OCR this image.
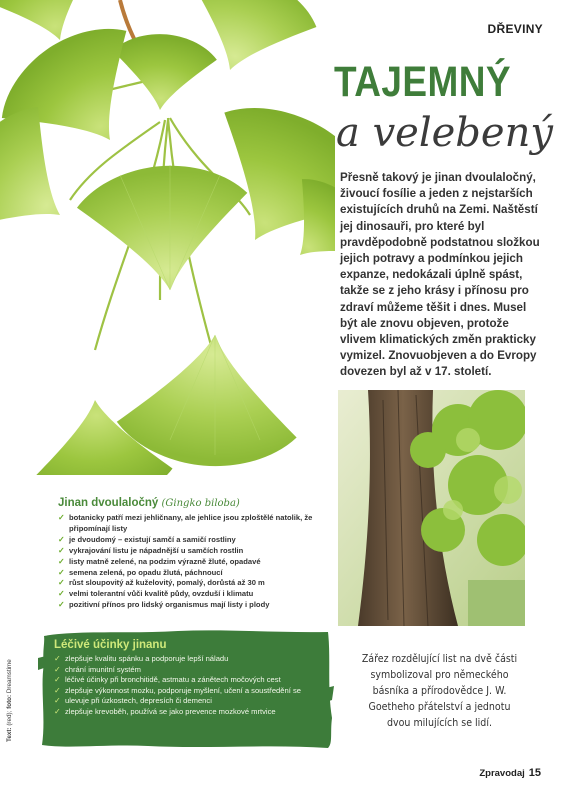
DŘEVINY
TAJEMNÝ
a velebený
Přesně takový je jinan dvoulaločný, živoucí fosílie a jeden z nejstarších existujících druhů na Zemi. Naštěstí jej dinosauři, pro které byl pravděpodobně podstatnou složkou jejich potravy a podmínkou jejich expanze, nedokázali úplně spást, takže se z jeho krásy i přínosu pro zdraví můžeme těšit i dnes. Musel být ale znovu objeven, protože vlivem klimatických změn prakticky vymizel. Znovuobjeven a do Evropy dovezen byl až v 17. století.
Jinan dvoulaločný (Gingko biloba)
✓ botanicky patří mezi jehličnany, ale jehlice jsou zploštělé natolik, že připomínají listy
✓ je dvoudomý – existují samčí a samičí rostliny
✓ vykrajování listu je nápadnější u samčích rostlin
✓ listy matně zelené, na podzim výrazně žluté, opadavé
✓ semena zelená, po opadu žlutá, páchnoucí
✓ růst sloupovitý až kuželovitý, pomalý, dorůstá až 30 m
✓ velmi tolerantní vůči kvalitě půdy, ovzduší i klimatu
✓ pozitivní přínos pro lidský organismus mají listy i plody
Léčivé účinky jinanu
✓ zlepšuje kvalitu spánku a podporuje lepší náladu
✓ chrání imunitní systém
✓ léčivé účinky při bronchitidě, astmatu a zánětech močových cest
✓ zlepšuje výkonnost mozku, podporuje myšlení, učení a soustředění se
✓ ulevuje při úzkostech, depresích či demenci
✓ zlepšuje krevoběh, používá se jako prevence mozkové mrtvice
Text: (red); foto: Dreamstime
Zářez rozdělující list na dvě části symbolizoval pro německého básníka a přírodovědce J. W. Goetheho přátelství a jednotu dvou milujících se lidí.
Zpravodaj 15
